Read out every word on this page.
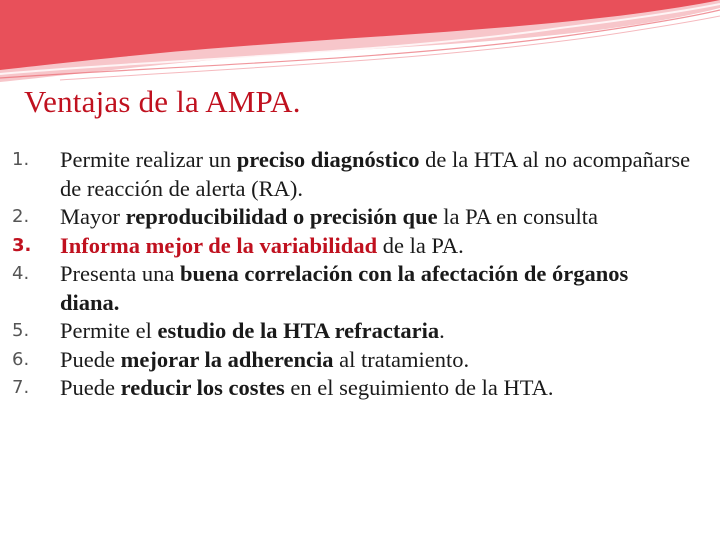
Ventajas de la AMPA.
1. Permite realizar un preciso diagnóstico de la HTA al no acompañarse de reacción de alerta (RA).
2. Mayor reproducibilidad o precisión que la PA en consulta
3. Informa mejor de la variabilidad de la PA.
4. Presenta una buena correlación con la afectación de órganos diana.
5. Permite el estudio de la HTA refractaria.
6. Puede mejorar la adherencia al tratamiento.
7. Puede reducir los costes en el seguimiento de la HTA.
